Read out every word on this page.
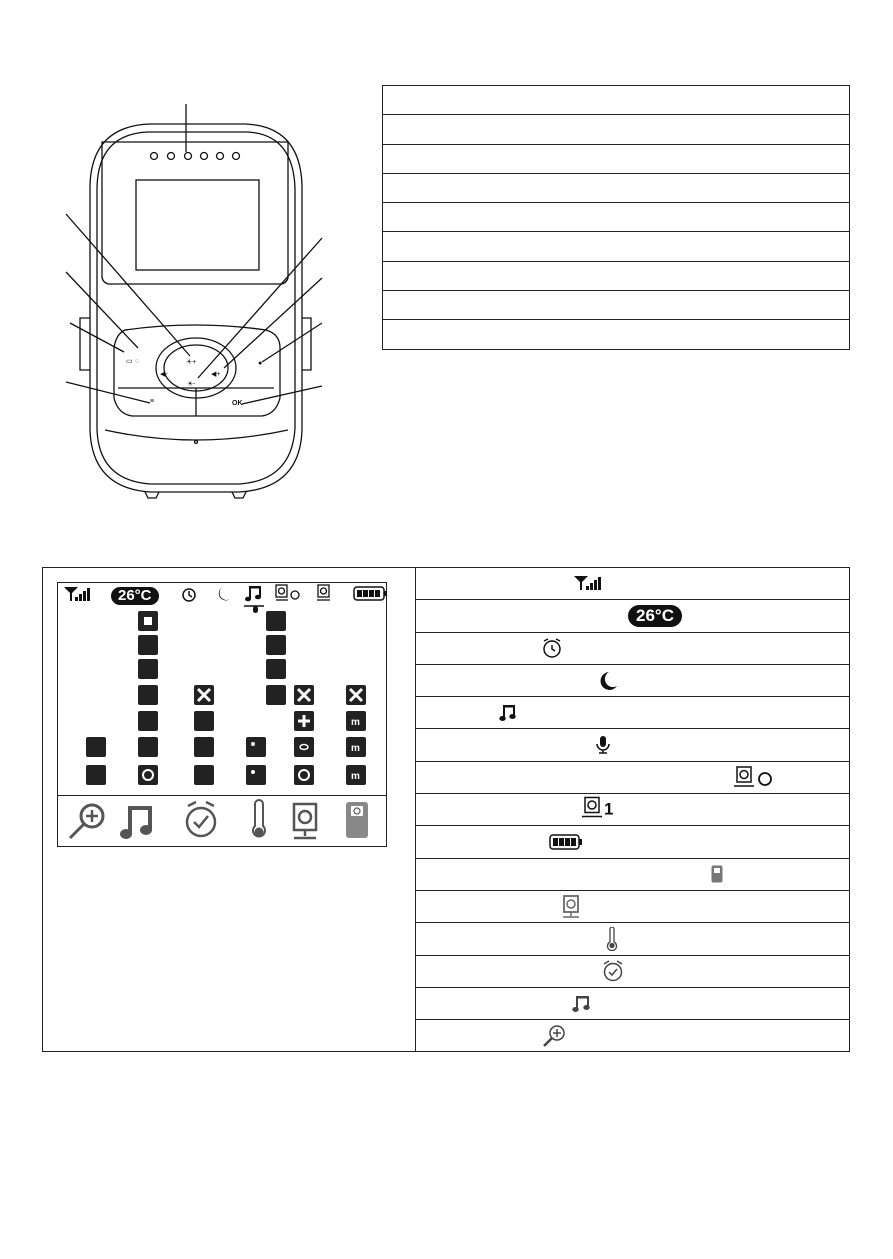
☀+
☀-
◀-	◀+
▭ ◌	●
≡	OK
26°C
m
m
m
26°C
1
